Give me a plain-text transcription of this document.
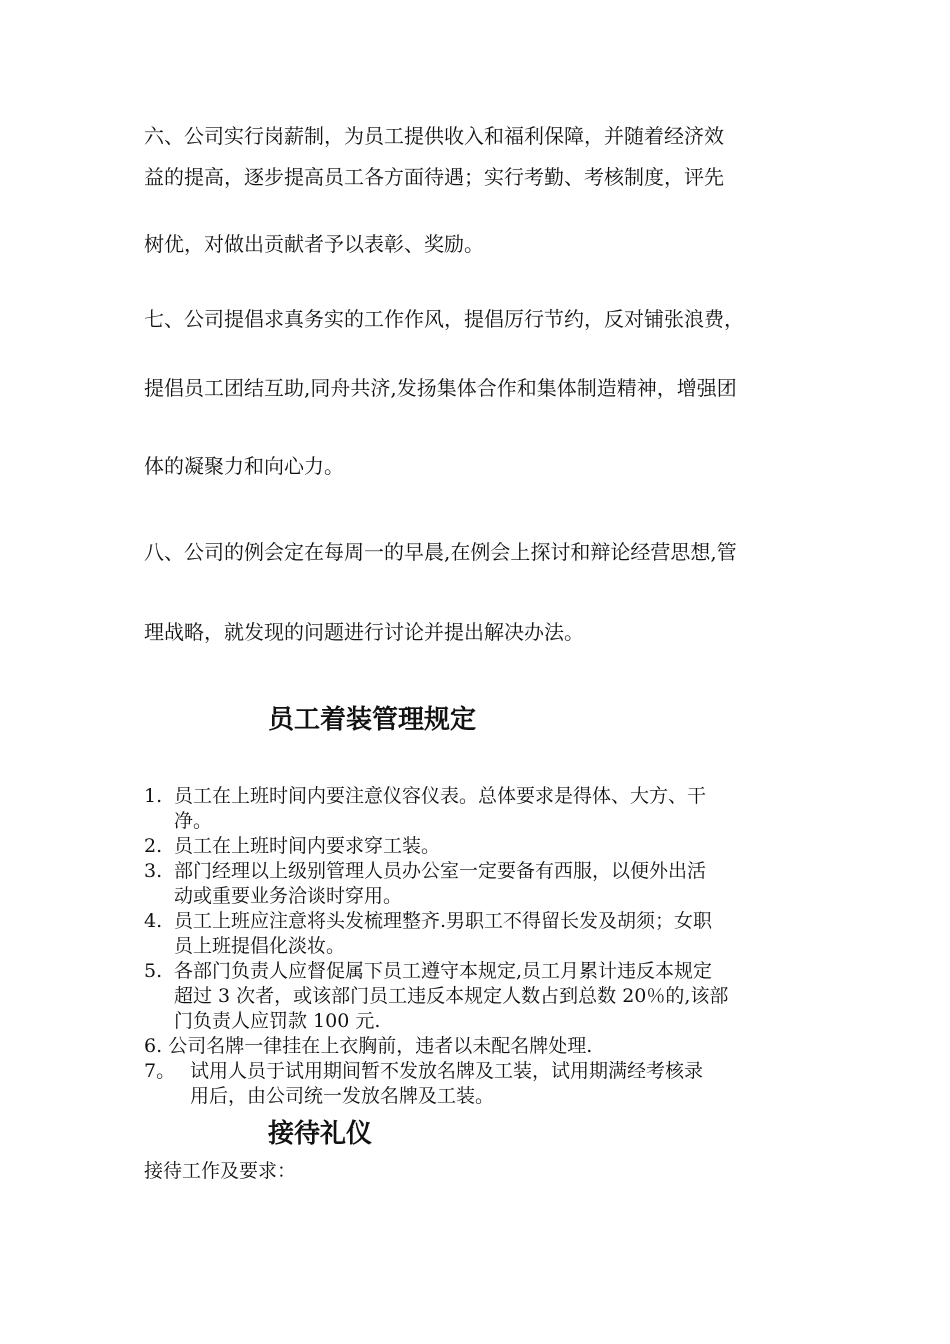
六、公司实行岗薪制，为员工提供收入和福利保障，并随着经济效

益的提高，逐步提高员工各方面待遇；实行考勤、考核制度，评先

树优，对做出贡献者予以表彰、奖励。

七、公司提倡求真务实的工作作风，提倡厉行节约，反对铺张浪费，

提倡员工团结互助,同舟共济,发扬集体合作和集体制造精神，增强团

体的凝聚力和向心力。

八、公司的例会定在每周一的早晨,在例会上探讨和辩论经营思想,管

理战略，就发现的问题进行讨论并提出解决办法。

员工着装管理规定
1. 员工在上班时间内要注意仪容仪表。总体要求是得体、大方、干
净。
2. 员工在上班时间内要求穿工装。
3. 部门经理以上级别管理人员办公室一定要备有西服，以便外出活
动或重要业务洽谈时穿用。
4. 员工上班应注意将头发梳理整齐.男职工不得留长发及胡须；女职
员上班提倡化淡妆。
5. 各部门负责人应督促属下员工遵守本规定,员工月累计违反本规定
超过 3 次者，或该部门员工违反本规定人数占到总数 20％的,该部
门负责人应罚款 100 元.
6. 公司名牌一律挂在上衣胸前，违者以未配名牌处理.
7。 试用人员于试用期间暂不发放名牌及工装，试用期满经考核录
用后，由公司统一发放名牌及工装。
接待礼仪

接待工作及要求：
